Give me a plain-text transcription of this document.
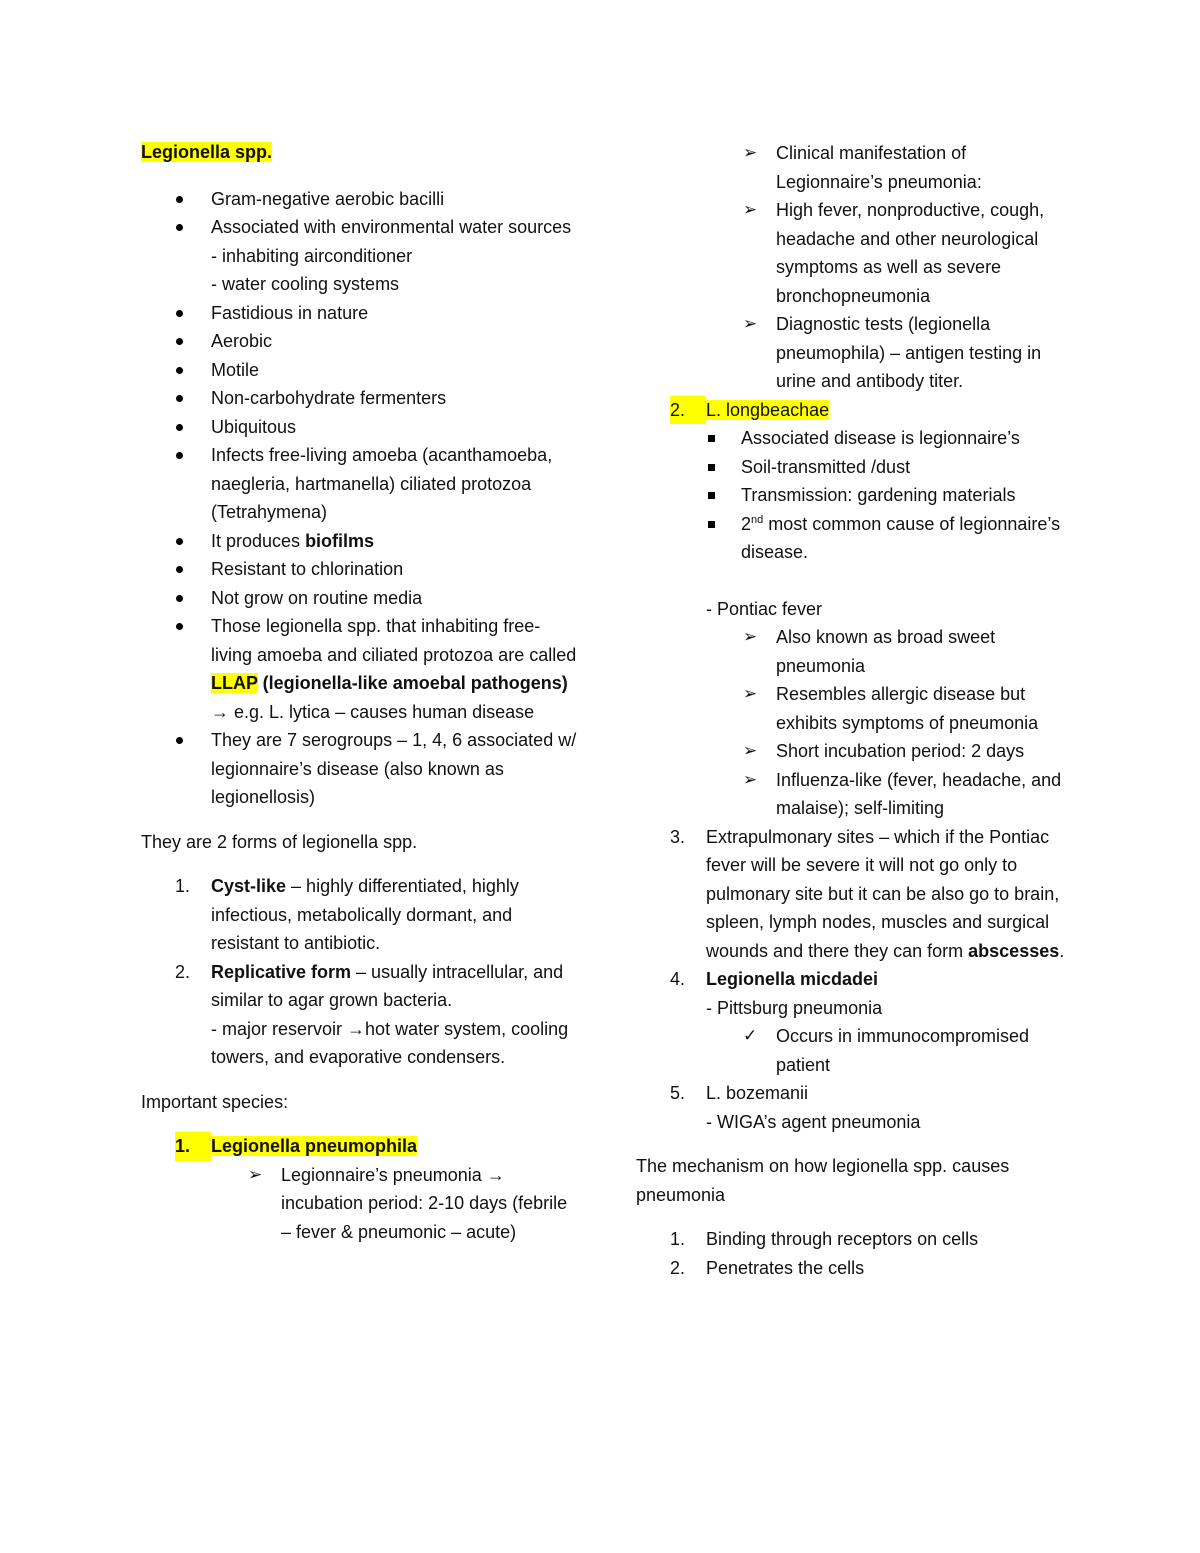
Legionella spp.

Gram-negative aerobic bacilli
Associated with environmental water sources
- inhabiting airconditioner
- water cooling systems
Fastidious in nature
Aerobic
Motile
Non-carbohydrate fermenters
Ubiquitous
Infects free-living amoeba (acanthamoeba, naegleria, hartmanella) ciliated protozoa (Tetrahymena)
It produces biofilms
Resistant to chlorination
Not grow on routine media
Those legionella spp. that inhabiting free-living amoeba and ciliated protozoa are called LLAP (legionella-like amoebal pathogens) → e.g. L. lytica – causes human disease
They are 7 serogroups – 1, 4, 6 associated w/ legionnaire’s disease (also known as legionellosis)

They are 2 forms of legionella spp.

1. Cyst-like – highly differentiated, highly infectious, metabolically dormant, and resistant to antibiotic.
2. Replicative form – usually intracellular, and similar to agar grown bacteria.
- major reservoir →hot water system, cooling towers, and evaporative condensers.

Important species:

1.	Legionella pneumophila
➢ Legionnaire’s pneumonia → incubation period: 2-10 days (febrile – fever & pneumonic – acute)
➢ Clinical manifestation of Legionnaire’s pneumonia:
➢ High fever, nonproductive, cough, headache and other neurological symptoms as well as severe bronchopneumonia
➢ Diagnostic tests (legionella pneumophila) – antigen testing in urine and antibody titer.
2.	L. longbeachae
Associated disease is legionnaire’s
Soil-transmitted /dust
Transmission: gardening materials
2nd most common cause of legionnaire’s disease.

- Pontiac fever

➢ Also known as broad sweet pneumonia
➢ Resembles allergic disease but exhibits symptoms of pneumonia
➢ Short incubation period: 2 days
➢ Influenza-like (fever, headache, and malaise); self-limiting
3. Extrapulmonary sites – which if the Pontiac fever will be severe it will not go only to pulmonary site but it can be also go to brain, spleen, lymph nodes, muscles and surgical wounds and there they can form abscesses.
4. Legionella micdadei
- Pittsburg pneumonia
✓ Occurs in immunocompromised patient
5. L. bozemanii
- WIGA’s agent pneumonia

The mechanism on how legionella spp. causes pneumonia

1. Binding through receptors on cells
2. Penetrates the cells
